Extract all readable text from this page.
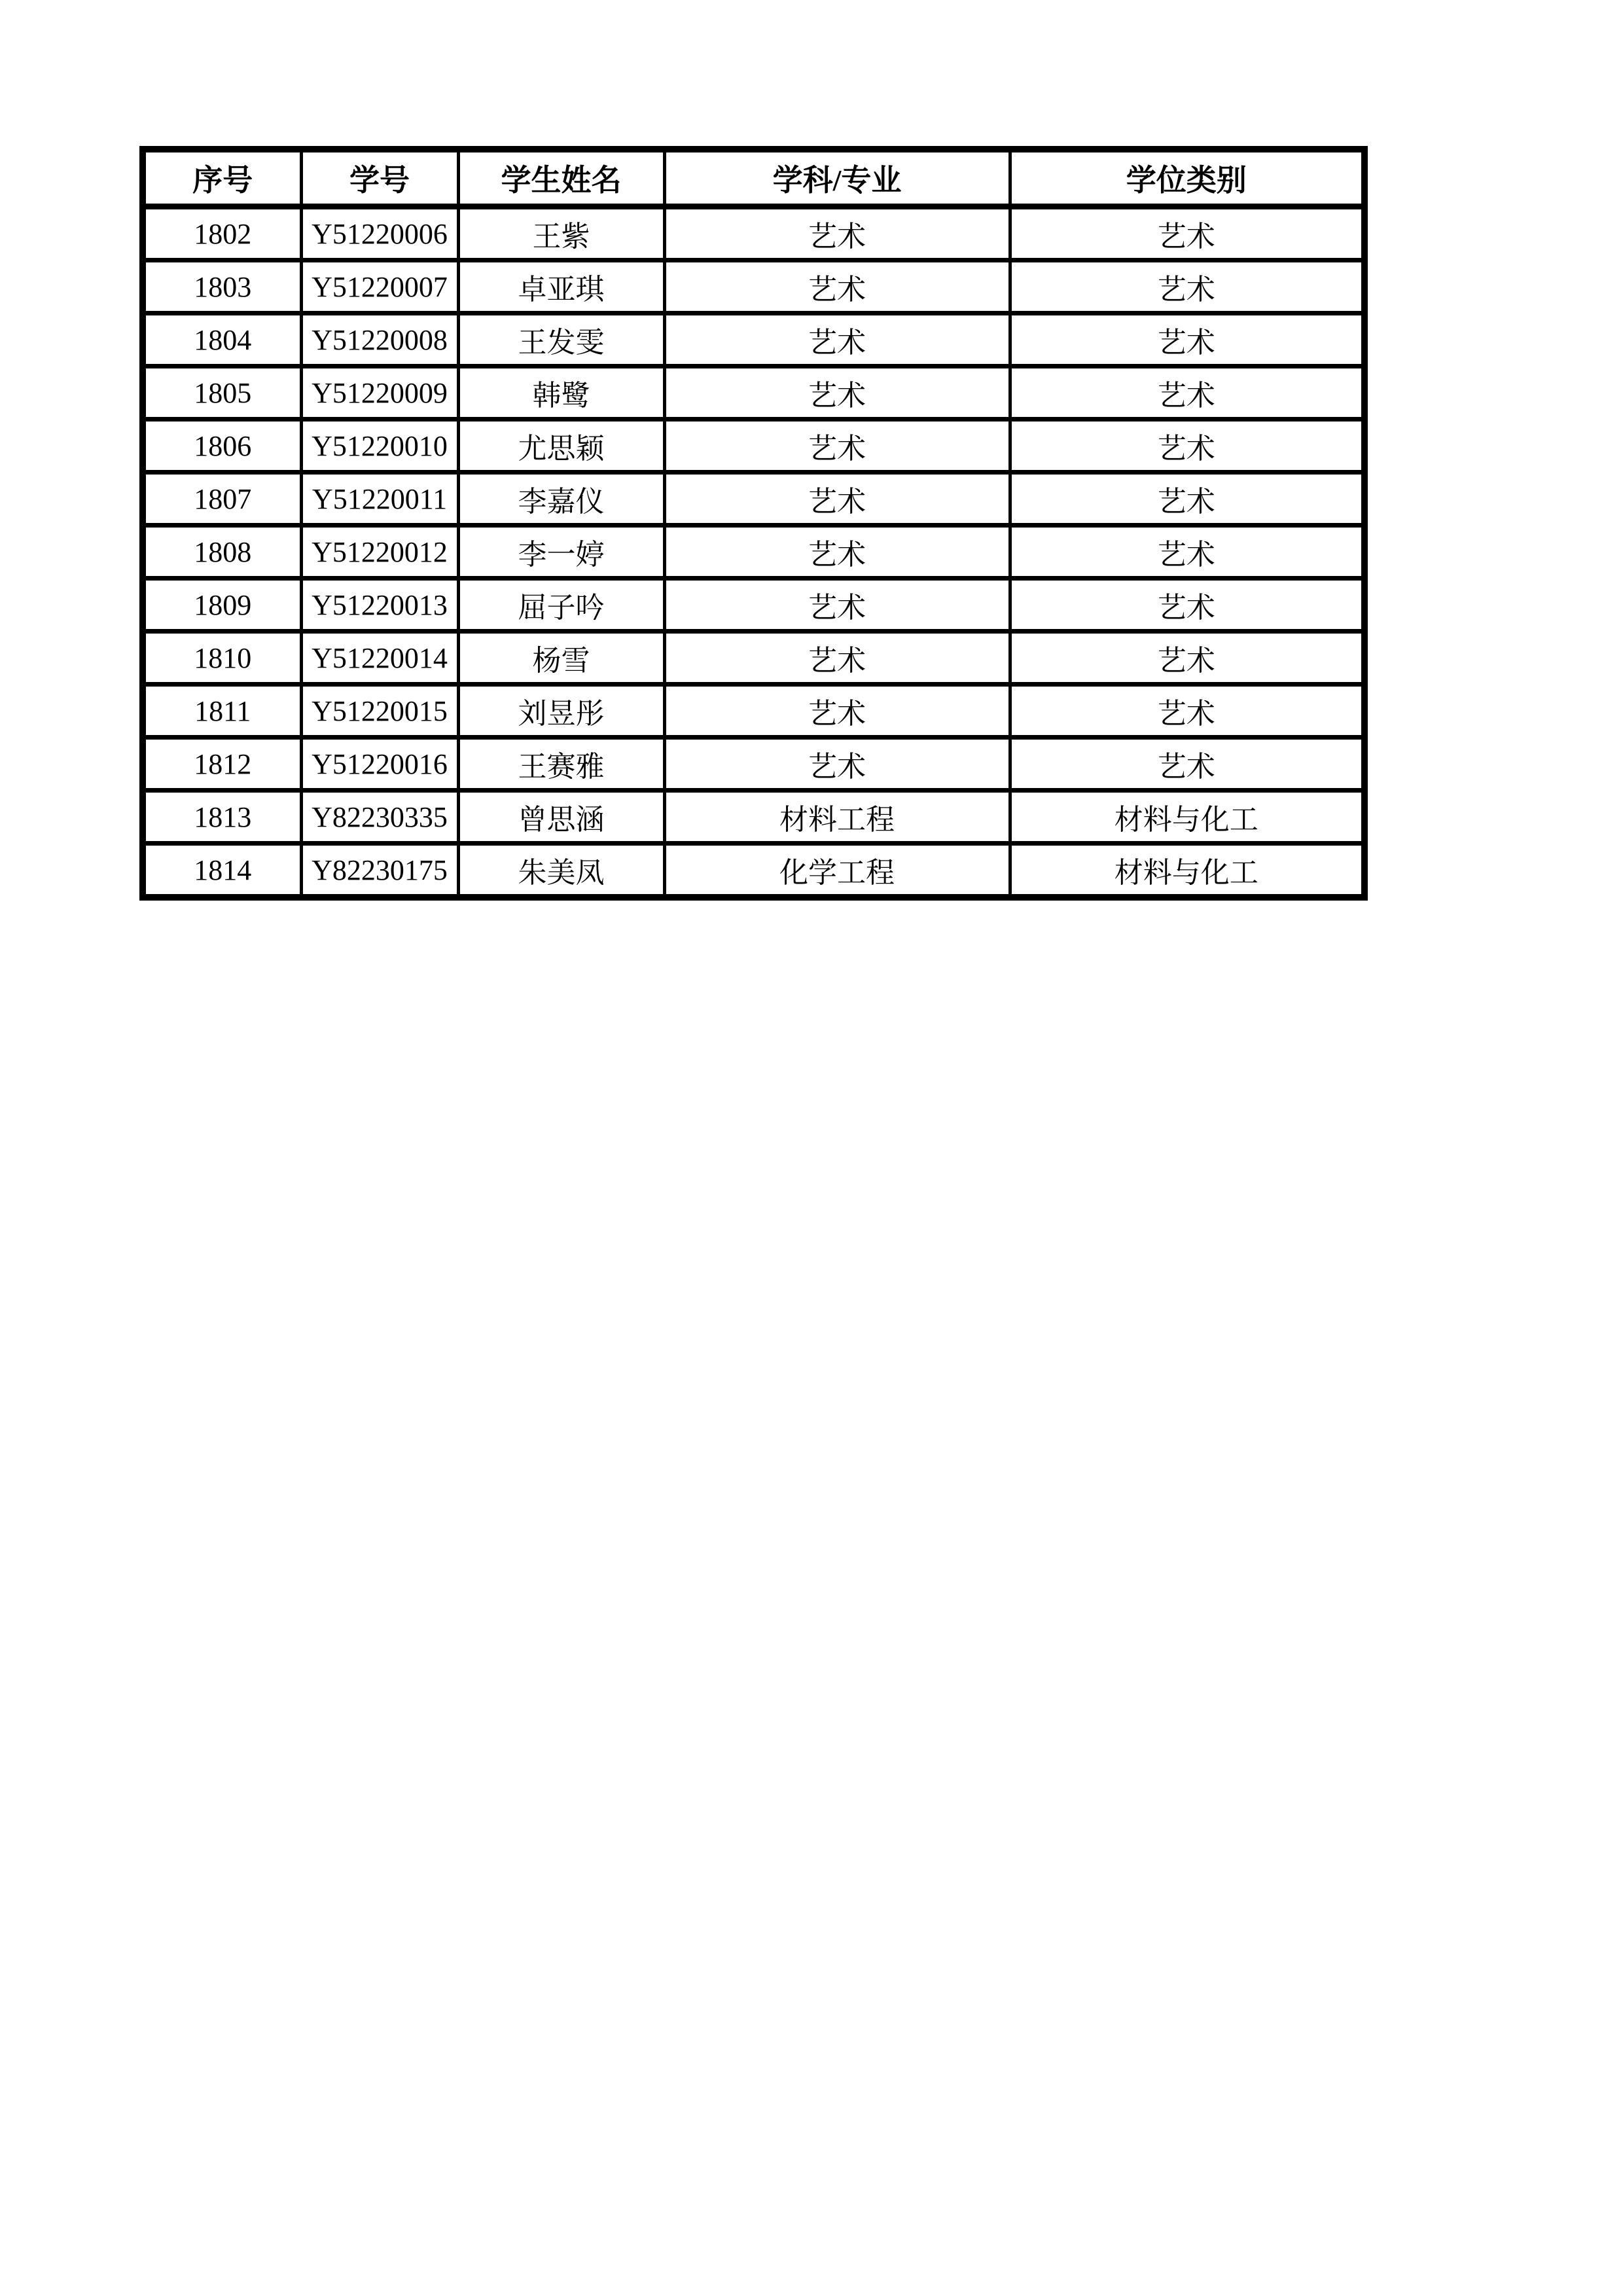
序号	学号	学生姓名	学科/专业	学位类别
1802	Y51220006	王紫	艺术	艺术
1803	Y51220007	卓亚琪	艺术	艺术
1804	Y51220008	王发雯	艺术	艺术
1805	Y51220009	韩鹭	艺术	艺术
1806	Y51220010	尤思颖	艺术	艺术
1807	Y51220011	李嘉仪	艺术	艺术
1808	Y51220012	李一婷	艺术	艺术
1809	Y51220013	屈子吟	艺术	艺术
1810	Y51220014	杨雪	艺术	艺术
1811	Y51220015	刘昱彤	艺术	艺术
1812	Y51220016	王赛雅	艺术	艺术
1813	Y82230335	曾思涵	材料工程	材料与化工
1814	Y82230175	朱美凤	化学工程	材料与化工
